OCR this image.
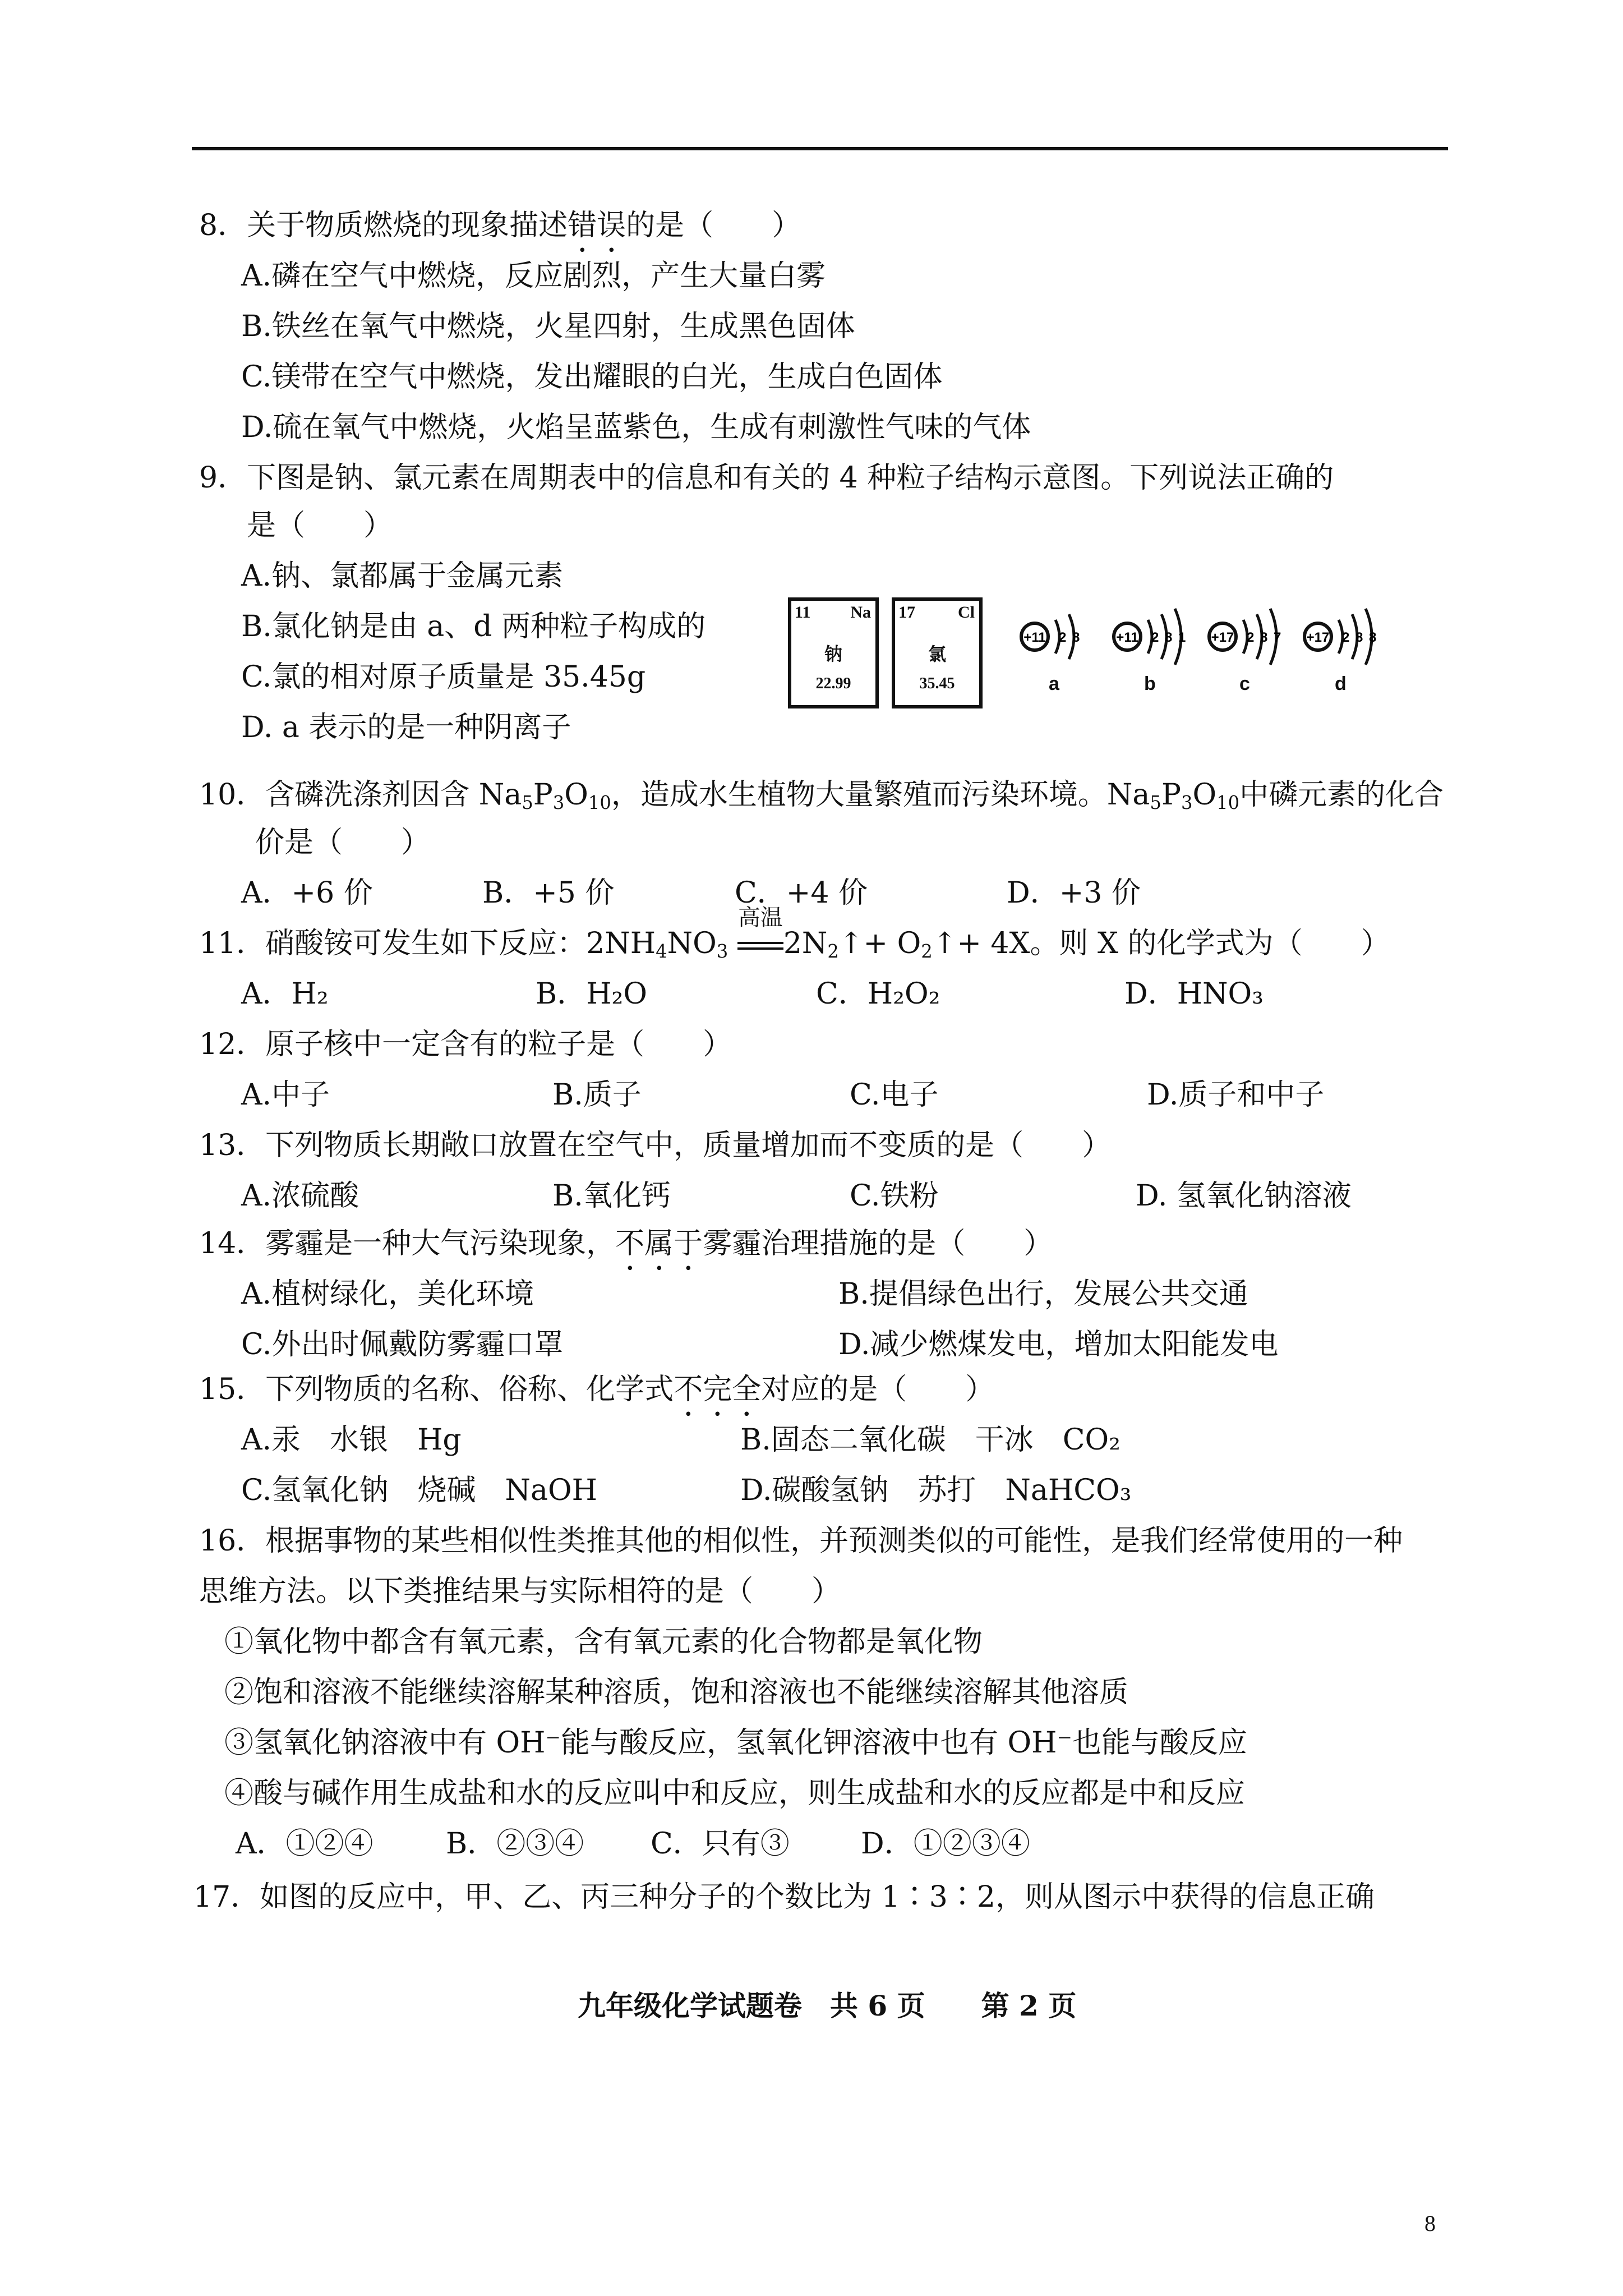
8．关于物质燃烧的现象描述错误的是（　　）
A.磷在空气中燃烧，反应剧烈，产生大量白雾
B.铁丝在氧气中燃烧，火星四射，生成黑色固体
C.镁带在空气中燃烧，发出耀眼的白光，生成白色固体
D.硫在氧气中燃烧，火焰呈蓝紫色，生成有刺激性气味的气体
9．下图是钠、氯元素在周期表中的信息和有关的 4 种粒子结构示意图。下列说法正确的
是（　　）
A.钠、氯都属于金属元素
B.氯化钠是由 a、d 两种粒子构成的
C.氯的相对原子质量是 35.45g
D. a 表示的是一种阴离子
11 Na
钠
22.99
17	Cl
氯
35.45
+11 2 8
a
+11 2 8 1
b
+17 2 8 7
c
+17 2 8 8
d
10．含磷洗涤剂因含 $Na_5P_3O_{10}$，造成水生植物大量繁殖而污染环境。$Na_5P_3O_{10}$中磷元素的化合
价是（　　）
A．+6 价	B．+5 价	C．+4 价	D．+3 价
11．硝酸铵可发生如下反应：$2NH_4NO_3$
高温
$2N_2↑+$ $O_2↑+ 4X$。则 X 的化学式为（　　）
A．H₂	B．H₂O	C．H₂O₂	D．HNO₃
12．原子核中一定含有的粒子是（　　）
A.中子	B.质子	C.电子	D.质子和中子
13．下列物质长期敞口放置在空气中，质量增加而不变质的是（　　）
A.浓硫酸	B.氧化钙	C.铁粉	D. 氢氧化钠溶液
14．雾霾是一种大气污染现象，不属于雾霾治理措施的是（　　）
A.植树绿化，美化环境	B.提倡绿色出行，发展公共交通
C.外出时佩戴防雾霾口罩	D.减少燃煤发电，增加太阳能发电
15．下列物质的名称、俗称、化学式不完全对应的是（　　）
A.汞　水银　Hg	B.固态二氧化碳　干冰　CO₂
C.氢氧化钠　烧碱　NaOH	D.碳酸氢钠　苏打　NaHCO₃
16．根据事物的某些相似性类推其他的相似性，并预测类似的可能性，是我们经常使用的一种
思维方法。以下类推结果与实际相符的是（　　）
①氧化物中都含有氧元素，含有氧元素的化合物都是氧化物
②饱和溶液不能继续溶解某种溶质，饱和溶液也不能继续溶解其他溶质
③氢氧化钠溶液中有 OH⁻能与酸反应，氢氧化钾溶液中也有 OH⁻也能与酸反应
④酸与碱作用生成盐和水的反应叫中和反应，则生成盐和水的反应都是中和反应
A．①②④ B．②③④ C．只有③ D．①②③④
17．如图的反应中，甲、乙、丙三种分子的个数比为 1∶3∶2，则从图示中获得的信息正确
九年级化学试题卷　共 6 页　　第 2 页
8
